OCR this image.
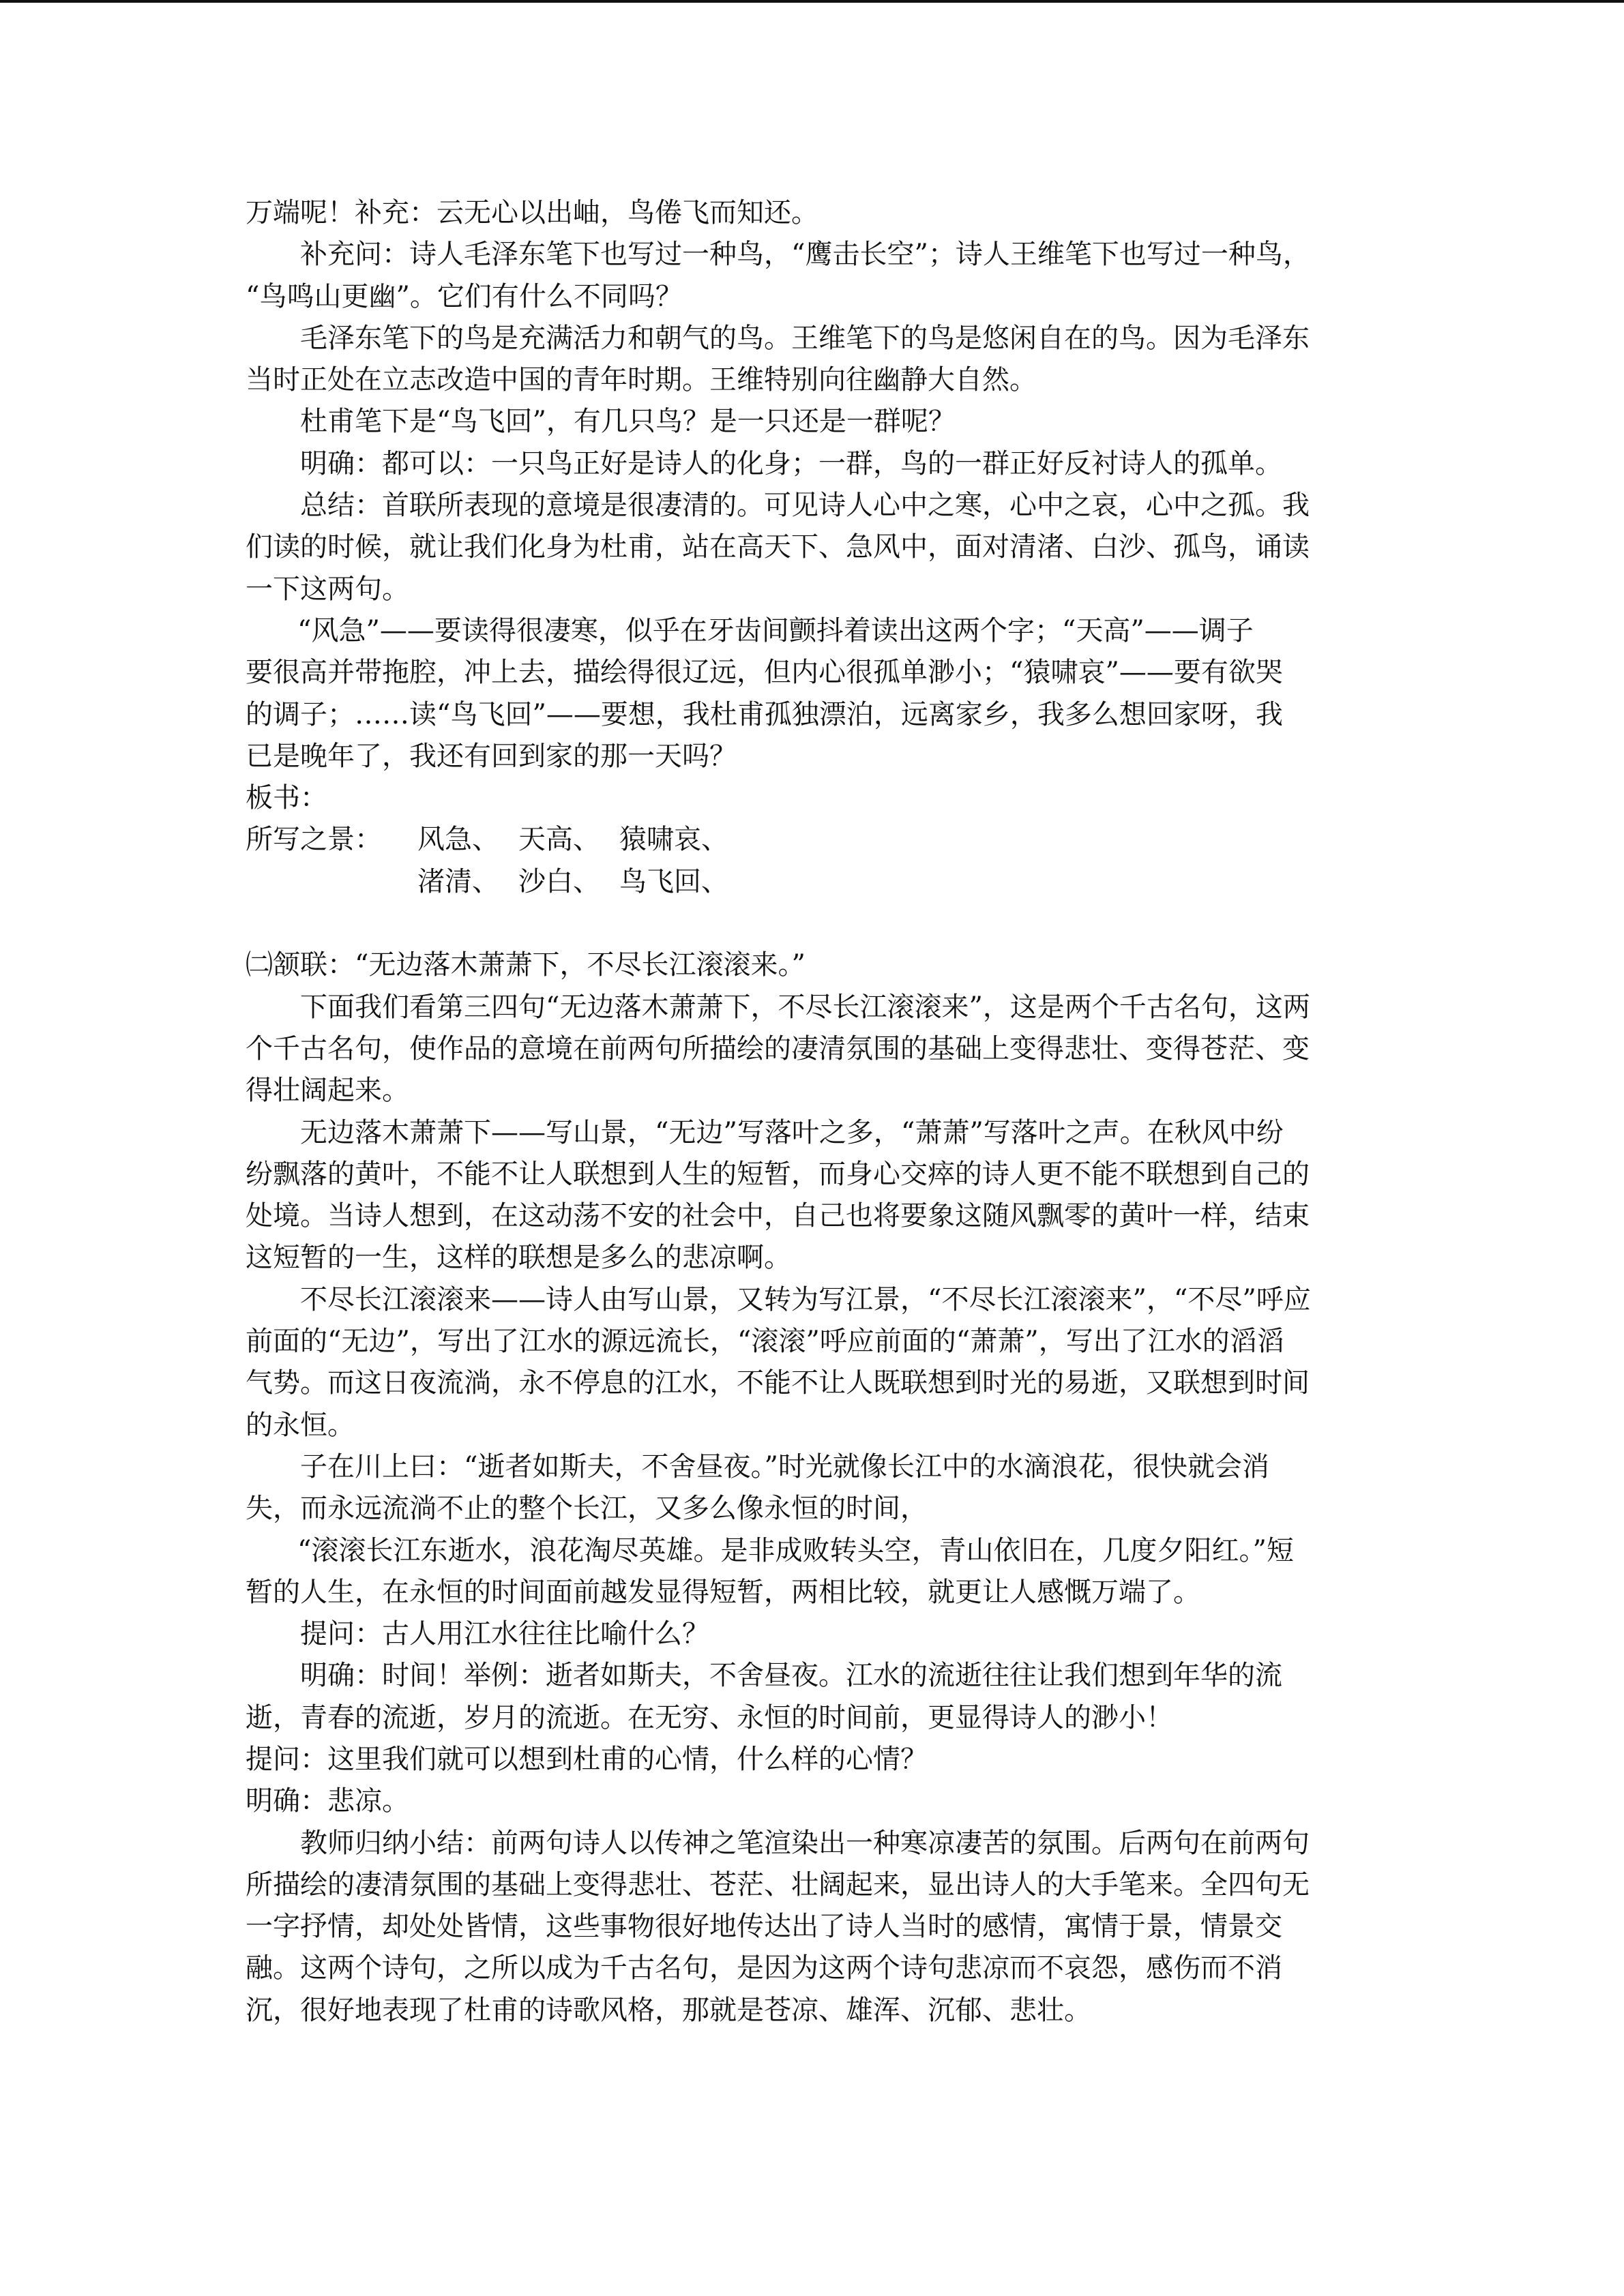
万端呢！补充：云无心以出岫，鸟倦飞而知还。
补充问：诗人毛泽东笔下也写过一种鸟，“鹰击长空”；诗人王维笔下也写过一种鸟，
“鸟鸣山更幽”。它们有什么不同吗？
毛泽东笔下的鸟是充满活力和朝气的鸟。王维笔下的鸟是悠闲自在的鸟。因为毛泽东
当时正处在立志改造中国的青年时期。王维特别向往幽静大自然。
杜甫笔下是“鸟飞回”，有几只鸟？是一只还是一群呢？
明确：都可以：一只鸟正好是诗人的化身；一群，鸟的一群正好反衬诗人的孤单。
总结：首联所表现的意境是很凄清的。可见诗人心中之寒，心中之哀，心中之孤。我
们读的时候，就让我们化身为杜甫，站在高天下、急风中，面对清渚、白沙、孤鸟，诵读
一下这两句。
“风急”——要读得很凄寒，似乎在牙齿间颤抖着读出这两个字；“天高”——调子
要很高并带拖腔，冲上去，描绘得很辽远，但内心很孤单渺小；“猿啸哀”——要有欲哭
的调子；……读“鸟飞回”——要想，我杜甫孤独漂泊，远离家乡，我多么想回家呀，我
已是晚年了，我还有回到家的那一天吗？
板书：
所写之景： 风急、 天高、 猿啸哀、
渚清、 沙白、 鸟飞回、
㈡颔联：“无边落木萧萧下，不尽长江滚滚来。”
下面我们看第三四句“无边落木萧萧下，不尽长江滚滚来”，这是两个千古名句，这两
个千古名句，使作品的意境在前两句所描绘的凄清氛围的基础上变得悲壮、变得苍茫、变
得壮阔起来。
无边落木萧萧下——写山景，“无边”写落叶之多，“萧萧”写落叶之声。在秋风中纷
纷飘落的黄叶，不能不让人联想到人生的短暂，而身心交瘁的诗人更不能不联想到自己的
处境。当诗人想到，在这动荡不安的社会中，自己也将要象这随风飘零的黄叶一样，结束
这短暂的一生，这样的联想是多么的悲凉啊。
不尽长江滚滚来——诗人由写山景，又转为写江景，“不尽长江滚滚来”，“不尽”呼应
前面的“无边”，写出了江水的源远流长，“滚滚”呼应前面的“萧萧”，写出了江水的滔滔
气势。而这日夜流淌，永不停息的江水，不能不让人既联想到时光的易逝，又联想到时间
的永恒。
子在川上曰：“逝者如斯夫，不舍昼夜。”时光就像长江中的水滴浪花，很快就会消
失，而永远流淌不止的整个长江，又多么像永恒的时间，
“滚滚长江东逝水，浪花淘尽英雄。是非成败转头空，青山依旧在，几度夕阳红。”短
暂的人生，在永恒的时间面前越发显得短暂，两相比较，就更让人感慨万端了。
提问：古人用江水往往比喻什么？
明确：时间！举例：逝者如斯夫，不舍昼夜。江水的流逝往往让我们想到年华的流
逝，青春的流逝，岁月的流逝。在无穷、永恒的时间前，更显得诗人的渺小！
提问：这里我们就可以想到杜甫的心情，什么样的心情？
明确：悲凉。
教师归纳小结：前两句诗人以传神之笔渲染出一种寒凉凄苦的氛围。后两句在前两句
所描绘的凄清氛围的基础上变得悲壮、苍茫、壮阔起来，显出诗人的大手笔来。全四句无
一字抒情，却处处皆情，这些事物很好地传达出了诗人当时的感情，寓情于景，情景交
融。这两个诗句，之所以成为千古名句，是因为这两个诗句悲凉而不哀怨，感伤而不消
沉，很好地表现了杜甫的诗歌风格，那就是苍凉、雄浑、沉郁、悲壮。
